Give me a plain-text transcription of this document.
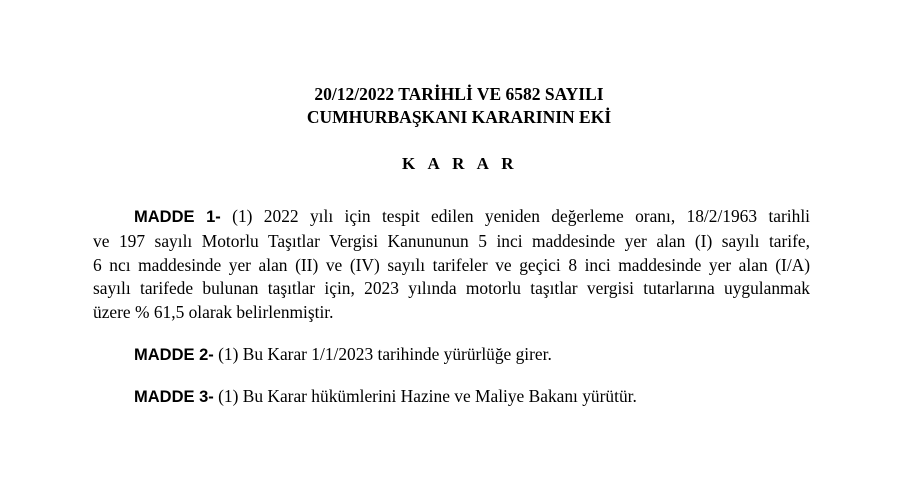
20/12/2022 TARİHLİ VE 6582 SAYILI
CUMHURBAŞKANI KARARININ EKİ
K A R A R
MADDE 1- (1) 2022 yılı için tespit edilen yeniden değerleme oranı, 18/2/1963 tarihli
ve 197 sayılı Motorlu Taşıtlar Vergisi Kanununun 5 inci maddesinde yer alan (I) sayılı tarife,
6 ncı maddesinde yer alan (II) ve (IV) sayılı tarifeler ve geçici 8 inci maddesinde yer alan (I/A)
sayılı tarifede bulunan taşıtlar için, 2023 yılında motorlu taşıtlar vergisi tutarlarına uygulanmak
üzere % 61,5 olarak belirlenmiştir.
MADDE 2- (1) Bu Karar 1/1/2023 tarihinde yürürlüğe girer.
MADDE 3- (1) Bu Karar hükümlerini Hazine ve Maliye Bakanı yürütür.
